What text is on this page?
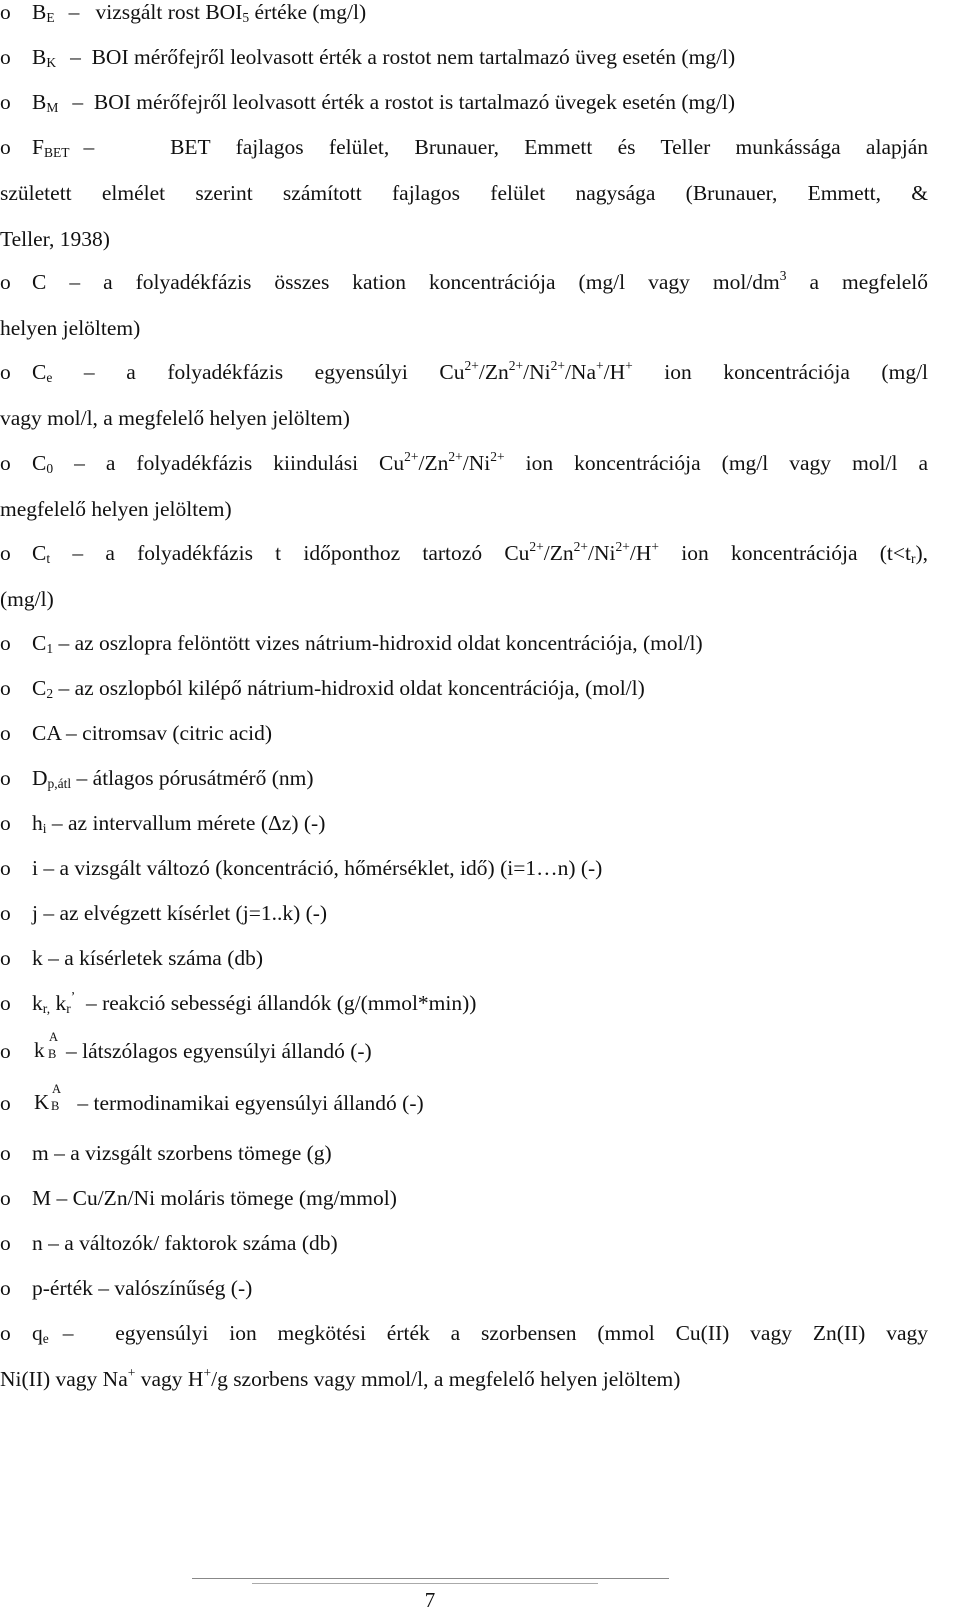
o $B_E$ – vizsgált rost $BOI_5$ értéke (mg/l)
o $B_K$ – BOI mérőfejről leolvasott érték a rostot nem tartalmazó üveg esetén (mg/l)
o $B_M$ – BOI mérőfejről leolvasott érték a rostot is tartalmazó üvegek esetén (mg/l)
o $F_{BET}$ –	BET fajlagos felület, Brunauer, Emmett és Teller munkássága alapján
született elmélet szerint számított fajlagos felület nagysága (Brunauer, Emmett, &
Teller, 1938)
o C – a folyadékfázis összes kation koncentrációja (mg/l vagy mol/$dm^3$ a megfelelő
helyen jelöltem)
o $C_e$ – a folyadékfázis egyensúlyi $Cu^{2+}/Zn^{2+}/Ni^{2+}/Na^+/H^+$ ion koncentrációja (mg/l
vagy mol/l, a megfelelő helyen jelöltem)
o $C_0$ – a folyadékfázis kiindulási $Cu^{2+}/Zn^{2+}/Ni^{2+}$ ion koncentrációja (mg/l vagy mol/l a
megfelelő helyen jelöltem)
o $C_t$ – a folyadékfázis t időponthoz tartozó $Cu^{2+}/Zn^{2+}/Ni^{2+}/H^+$ ion koncentrációja $(t<t_r)$,
(mg/l)
o $C_1$ – az oszlopra felöntött vizes nátrium-hidroxid oldat koncentrációja, (mol/l)
o $C_2$ – az oszlopból kilépő nátrium-hidroxid oldat koncentrációja, (mol/l)
o CA – citromsav (citric acid)
o $D_{p,átl}$ – átlagos pórusátmérő (nm)
o $h_i$ – az intervallum mérete (Δz) (-)
o i – a vizsgált változó (koncentráció, hőmérséklet, idő) (i=1…n) (-)
o j – az elvégzett kísérlet (j=1..k) (-)
o k – a kísérletek száma (db)
o $k_{r,}$ $k_r^’$ – reakció sebességi állandók (g/(mmol*min))
o k
A
B – látszólagos egyensúlyi állandó (-)
o K
A
B – termodinamikai egyensúlyi állandó (-)
o m – a vizsgált szorbens tömege (g)
o M – Cu/Zn/Ni moláris tömege (mg/mmol)
o n – a változók/ faktorok száma (db)
o p-érték – valószínűség (-)
o $q_e$ – egyensúlyi ion megkötési érték a szorbensen (mmol Cu(II) vagy Zn(II) vagy
Ni(II) vagy Na+ vagy H+/g szorbens vagy mmol/l, a megfelelő helyen jelöltem)
7
